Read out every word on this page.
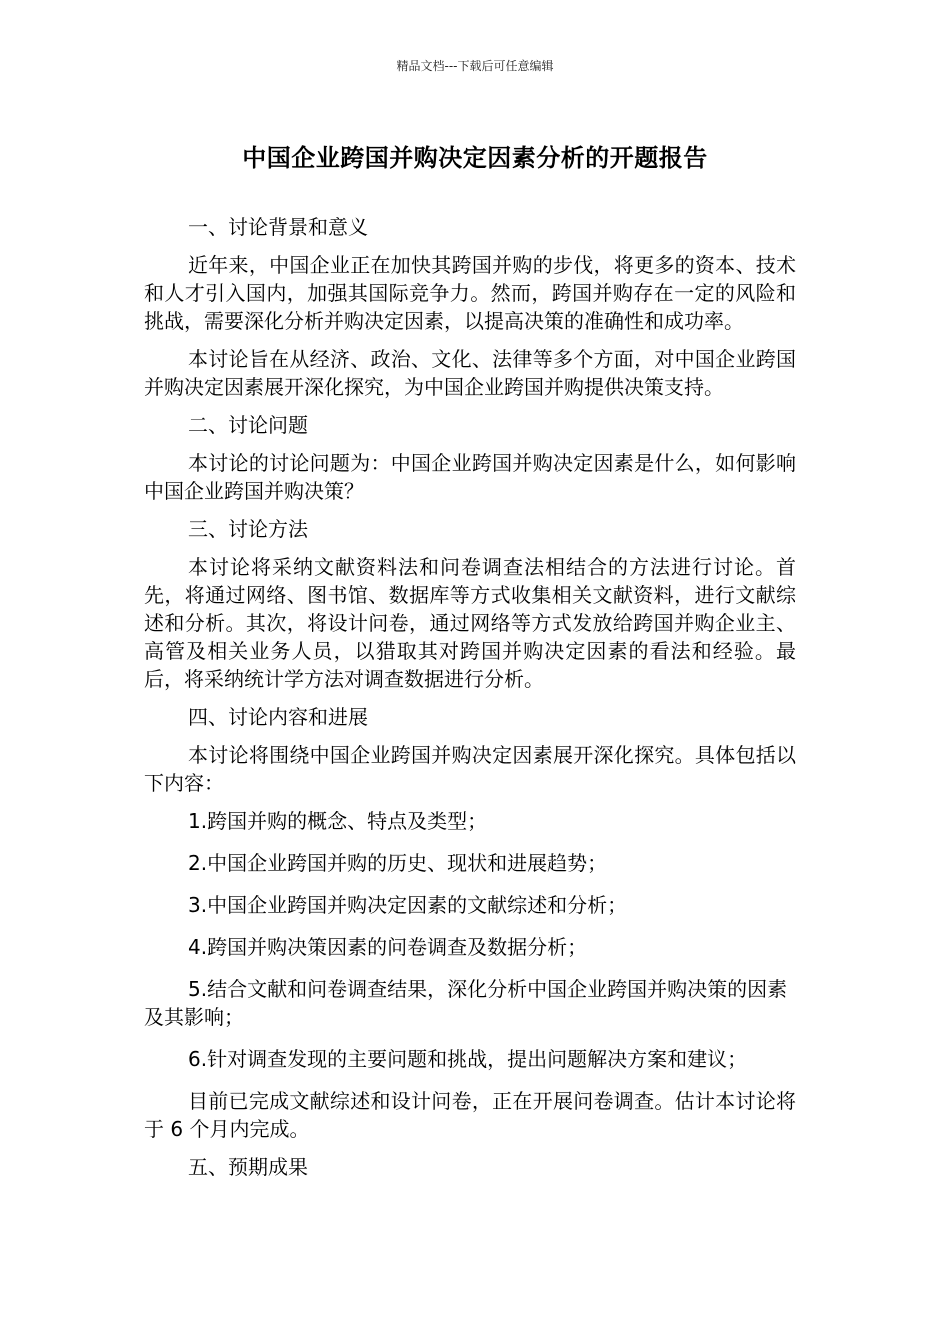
精品文档---下载后可任意编辑
中国企业跨国并购决定因素分析的开题报告
一、讨论背景和意义
近年来，中国企业正在加快其跨国并购的步伐，将更多的资本、技术和人才引入国内，加强其国际竞争力。然而，跨国并购存在一定的风险和挑战，需要深化分析并购决定因素，以提高决策的准确性和成功率。
本讨论旨在从经济、政治、文化、法律等多个方面，对中国企业跨国并购决定因素展开深化探究，为中国企业跨国并购提供决策支持。
二、讨论问题
本讨论的讨论问题为：中国企业跨国并购决定因素是什么，如何影响中国企业跨国并购决策？
三、讨论方法
本讨论将采纳文献资料法和问卷调查法相结合的方法进行讨论。首先，将通过网络、图书馆、数据库等方式收集相关文献资料，进行文献综述和分析。其次，将设计问卷，通过网络等方式发放给跨国并购企业主、高管及相关业务人员，以猎取其对跨国并购决定因素的看法和经验。最后，将采纳统计学方法对调查数据进行分析。
四、讨论内容和进展
本讨论将围绕中国企业跨国并购决定因素展开深化探究。具体包括以下内容：
1.跨国并购的概念、特点及类型；
2.中国企业跨国并购的历史、现状和进展趋势；
3.中国企业跨国并购决定因素的文献综述和分析；
4.跨国并购决策因素的问卷调查及数据分析；
5.结合文献和问卷调查结果，深化分析中国企业跨国并购决策的因素及其影响；
6.针对调查发现的主要问题和挑战，提出问题解决方案和建议；
目前已完成文献综述和设计问卷，正在开展问卷调查。估计本讨论将于 6 个月内完成。
五、预期成果
